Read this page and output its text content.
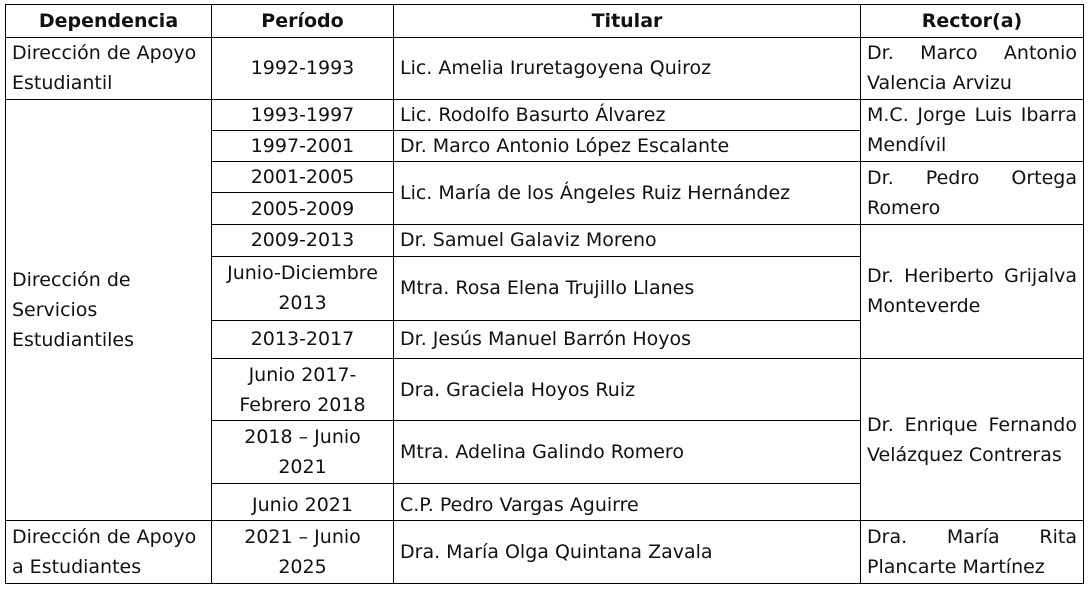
Dependencia	Período	Titular	Rector(a)
Dirección de Apoyo Estudiantil	1992-1993	Lic. Amelia Iruretagoyena Quiroz	Dr. Marco Antonio
Valencia Arvizu

Dirección de Servicios Estudiantiles	1993-1997	Lic. Rodolfo Basurto Álvarez	M.C. Jorge Luis Ibarra
Mendívil

	1997-2001	Dr. Marco Antonio López Escalante	
	2001-2005	Lic. María de los Ángeles Ruiz Hernández	Dr. Pedro Ortega
Romero

	2005-2009		
	2009-2013	Dr. Samuel Galaviz Moreno	Dr. Heriberto Grijalva
Monteverde

	Junio-Diciembre 2013	Mtra. Rosa Elena Trujillo Llanes	
	2013-2017	Dr. Jesús Manuel Barrón Hoyos	
	Junio 2017-Febrero 2018	Dra. Graciela Hoyos Ruiz	Dr. Enrique Fernando
Velázquez Contreras

	2018 – Junio 2021	Mtra. Adelina Galindo Romero	
	Junio 2021	C.P. Pedro Vargas Aguirre	
Dirección de Apoyo a Estudiantes	2021 – Junio 2025	Dra. María Olga Quintana Zavala	Dra. María Rita
Plancarte Martínez
